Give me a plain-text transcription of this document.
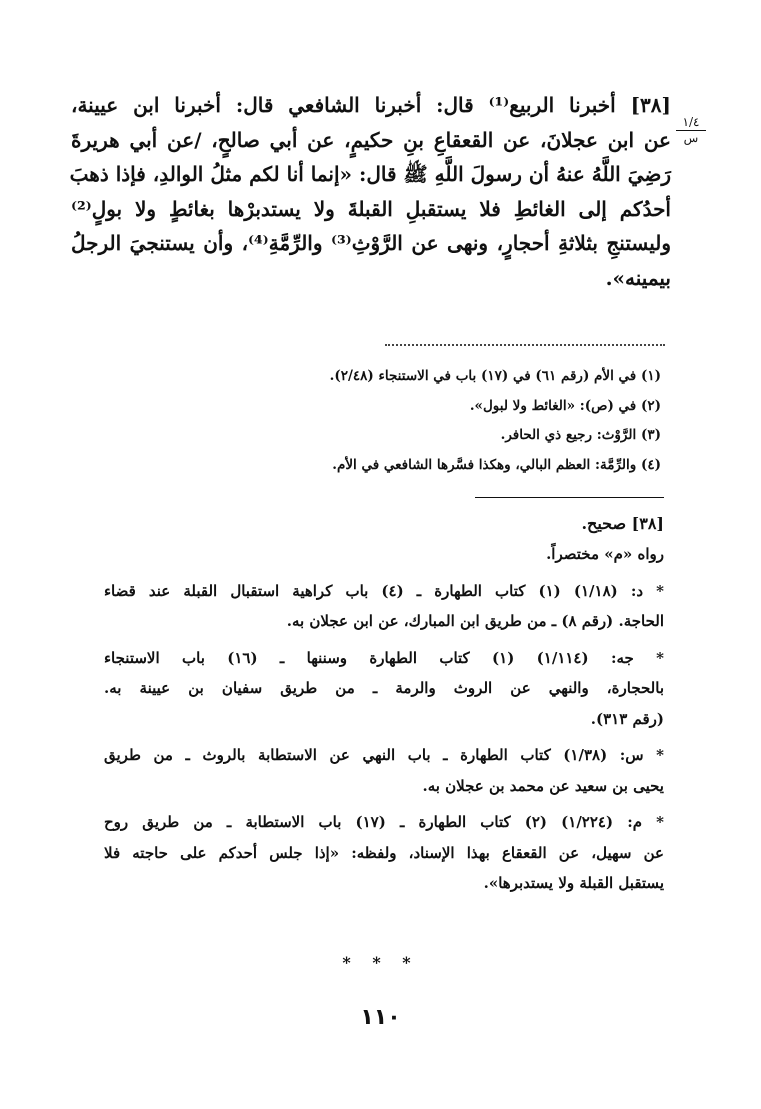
[٣٨] أخبرنا الربيع⁽¹⁾ قال: أخبرنا الشافعي قال: أخبرنا ابن عيينة،
عن ابن عجلانَ، عن القعقاعِ بنِ حكيمٍ، عن أبي صالحٍ، /عن أبي هريرةَ
رَضِيَ اللَّهُ عنهُ أن رسولَ اللَّهِ ﷺ قال: «إنما أنا لكم مثلُ الوالدِ، فإذا ذهبَ
أحدُكم إلى الغائطِ فلا يستقبلِ القبلةَ ولا يستدبرْها بغائطٍ ولا بولٍ⁽²⁾
وليستنجِ بثلاثةِ أحجارٍ، ونهى عن الرَّوْثِ⁽³⁾ والرِّمَّةِ⁽⁴⁾، وأن يستنجيَ الرجلُ
بيمينه».
١/٤
س
(١) في الأم (رقم ٦١) في (١٧) باب في الاستنجاء (٢/٤٨).
(٢) في (ص): «الغائط ولا لبول».
(٣) الرَّوْث: رجيع ذي الحافر.
(٤) والرِّمَّة: العظم البالي، وهكذا فسَّرها الشافعي في الأم.
[٣٨] صحيح.
رواه «م» مختصراً.
* د: (١/١٨) (١) كتاب الطهارة ـ (٤) باب كراهية استقبال القبلة عند قضاء
الحاجة. (رقم ٨) ـ من طريق ابن المبارك، عن ابن عجلان به.
* جه: (١/١١٤) (١) كتاب الطهارة وسننها ـ (١٦) باب الاستنجاء
بالحجارة، والنهي عن الروث والرمة ـ من طريق سفيان بن عيينة به.
(رقم ٣١٣).
* س: (١/٣٨) كتاب الطهارة ـ باب النهي عن الاستطابة بالروث ـ من طريق
يحيى بن سعيد عن محمد بن عجلان به.
* م: (١/٢٢٤) (٢) كتاب الطهارة ـ (١٧) باب الاستطابة ـ من طريق روح
عن سهيل، عن القعقاع بهذا الإسناد، ولفظه: «إذا جلس أحدكم على حاجته فلا
يستقبل القبلة ولا يستدبرها».
* * *
١١٠
